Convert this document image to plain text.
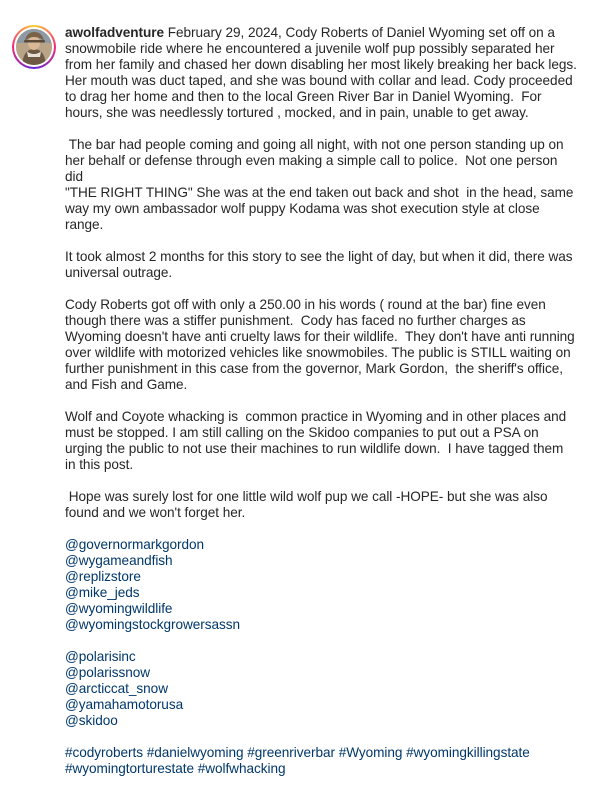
awolfadventure February 29, 2024, Cody Roberts of Daniel Wyoming set off on a snowmobile ride where he encountered a juvenile wolf pup possibly separated her from her family and chased her down disabling her most likely breaking her back legs.  Her mouth was duct taped, and she was bound with collar and lead. Cody proceeded to drag her home and then to the local Green River Bar in Daniel Wyoming.  For hours, she was needlessly tortured , mocked, and in pain, unable to get away.

The bar had people coming and going all night, with not one person standing up on her behalf or defense through even making a simple call to police.  Not one person did
"THE RIGHT THING" She was at the end taken out back and shot  in the head, same way my own ambassador wolf puppy Kodama was shot execution style at close range.

It took almost 2 months for this story to see the light of day, but when it did, there was universal outrage.

Cody Roberts got off with only a 250.00 in his words ( round at the bar) fine even though there was a stiffer punishment.  Cody has faced no further charges as Wyoming doesn't have anti cruelty laws for their wildlife.  They don't have anti running over wildlife with motorized vehicles like snowmobiles. The public is STILL waiting on further punishment in this case from the governor, Mark Gordon,  the sheriff's office, and Fish and Game.

Wolf and Coyote whacking is  common practice in Wyoming and in other places and must be stopped. I am still calling on the Skidoo companies to put out a PSA on urging the public to not use their machines to run wildlife down.  I have tagged them in this post.

Hope was surely lost for one little wild wolf pup we call -HOPE- but she was also found and we won't forget her.

@governormarkgordon
@wygameandfish
@replizstore
@mike_jeds
@wyomingwildlife
@wyomingstockgrowersassn
@polarisinc
@polarissnow
@arcticcat_snow
@yamahamotorusa
@skidoo

#codyroberts #danielwyoming #greenriverbar #Wyoming #wyomingkillingstate #wyomingtorturestate #wolfwhacking
